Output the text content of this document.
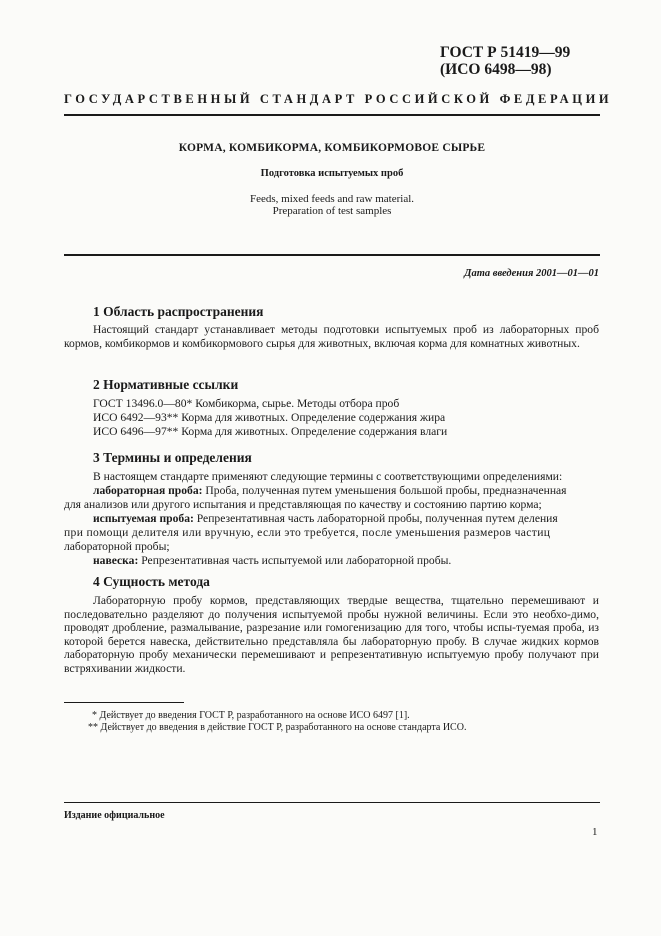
ГОСТ Р 51419—99
(ИСО 6498—98)
ГОСУДАРСТВЕННЫЙ СТАНДАРТ РОССИЙСКОЙ ФЕДЕРАЦИИ
КОРМА, КОМБИКОРМА, КОМБИКОРМОВОЕ СЫРЬЕ
Подготовка испытуемых проб
Feeds, mixed feeds and raw material.
Preparation of test samples
Дата введения 2001—01—01
1 Область распространения
Настоящий стандарт устанавливает методы подготовки испытуемых проб из лабораторных проб кормов, комбикормов и комбикормового сырья для животных, включая корма для комнатных животных.
2 Нормативные ссылки
ГОСТ 13496.0—80* Комбикорма, сырье. Методы отбора проб
ИСО 6492—93** Корма для животных. Определение содержания жира
ИСО 6496—97** Корма для животных. Определение содержания влаги
3 Термины и определения
В настоящем стандарте применяют следующие термины с соответствующими определениями:
лабораторная проба: Проба, полученная путем уменьшения большой пробы, предназначенная
для анализов или другого испытания и представляющая по качеству и состоянию партию корма;
испытуемая проба: Репрезентативная часть лабораторной пробы, полученная путем деления
при помощи делителя или вручную, если это требуется, после уменьшения размеров частиц
лабораторной пробы;
навеска: Репрезентативная часть испытуемой или лабораторной пробы.
4 Сущность метода
Лабораторную пробу кормов, представляющих твердые вещества, тщательно перемешивают и последовательно разделяют до получения испытуемой пробы нужной величины. Если это необхо-димо, проводят дробление, размалывание, разрезание или гомогенизацию для того, чтобы испы-туемая проба, из которой берется навеска, действительно представляла бы лабораторную пробу. В случае жидких кормов лабораторную пробу механически перемешивают и репрезентативную испытуемую пробу получают при встряхивании жидкости.
* Действует до введения ГОСТ Р, разработанного на основе ИСО 6497 [1].
** Действует до введения в действие ГОСТ Р, разработанного на основе стандарта ИСО.
Издание официальное
1
